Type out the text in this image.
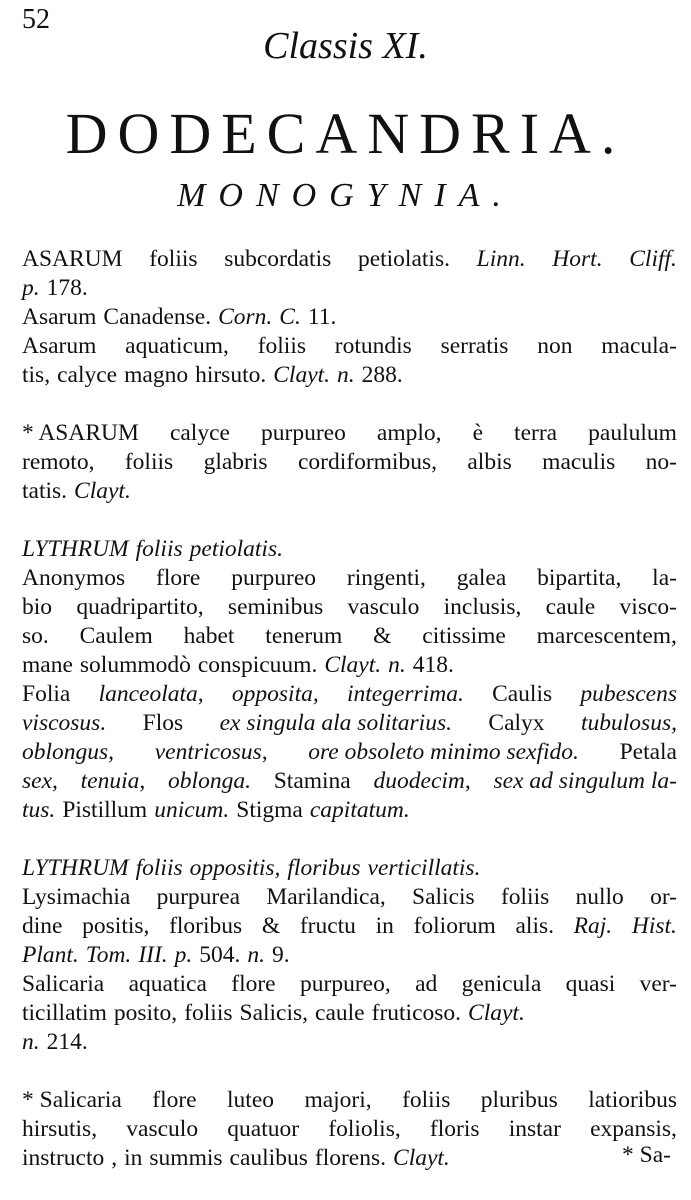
52
Classis XI.
DODECANDRIA.
MONOGYNIA.
ASARUM foliis subcordatis petiolatis. Linn. Hort. Cliff.
p. 178.
Asarum Canadense. Corn. C. 11.
Asarum aquaticum, foliis rotundis serratis non macula-
tis, calyce magno hirsuto. Clayt. n. 288.
* ASARUM calyce purpureo amplo, è terra paululum
remoto, foliis glabris cordiformibus, albis maculis no-
tatis. Clayt.
LYTHRUM foliis petiolatis.
Anonymos flore purpureo ringenti, galea bipartita, la-
bio quadripartito, seminibus vasculo inclusis, caule visco-
so. Caulem habet tenerum & citissime marcescentem,
mane solummodò conspicuum. Clayt. n. 418.
Folia lanceolata, opposita, integerrima. Caulis pubescens
viscosus. Flos ex singula ala solitarius. Calyx tubulosus,
oblongus, ventricosus, ore obsoleto minimo sexfido. Petala
sex, tenuia, oblonga. Stamina duodecim, sex ad singulum la-
tus. Pistillum unicum. Stigma capitatum.
LYTHRUM foliis oppositis, floribus verticillatis.
Lysimachia purpurea Marilandica, Salicis foliis nullo or-
dine positis, floribus & fructu in foliorum alis. Raj. Hist.
Plant. Tom. III. p. 504. n. 9.
Salicaria aquatica flore purpureo, ad genicula quasi ver-
ticillatim posito, foliis Salicis, caule fruticoso. Clayt.
n. 214.
* Salicaria flore luteo majori, foliis pluribus latioribus
hirsutis, vasculo quatuor foliolis, floris instar expansis,
instructo , in summis caulibus florens. Clayt.	* Sa-
